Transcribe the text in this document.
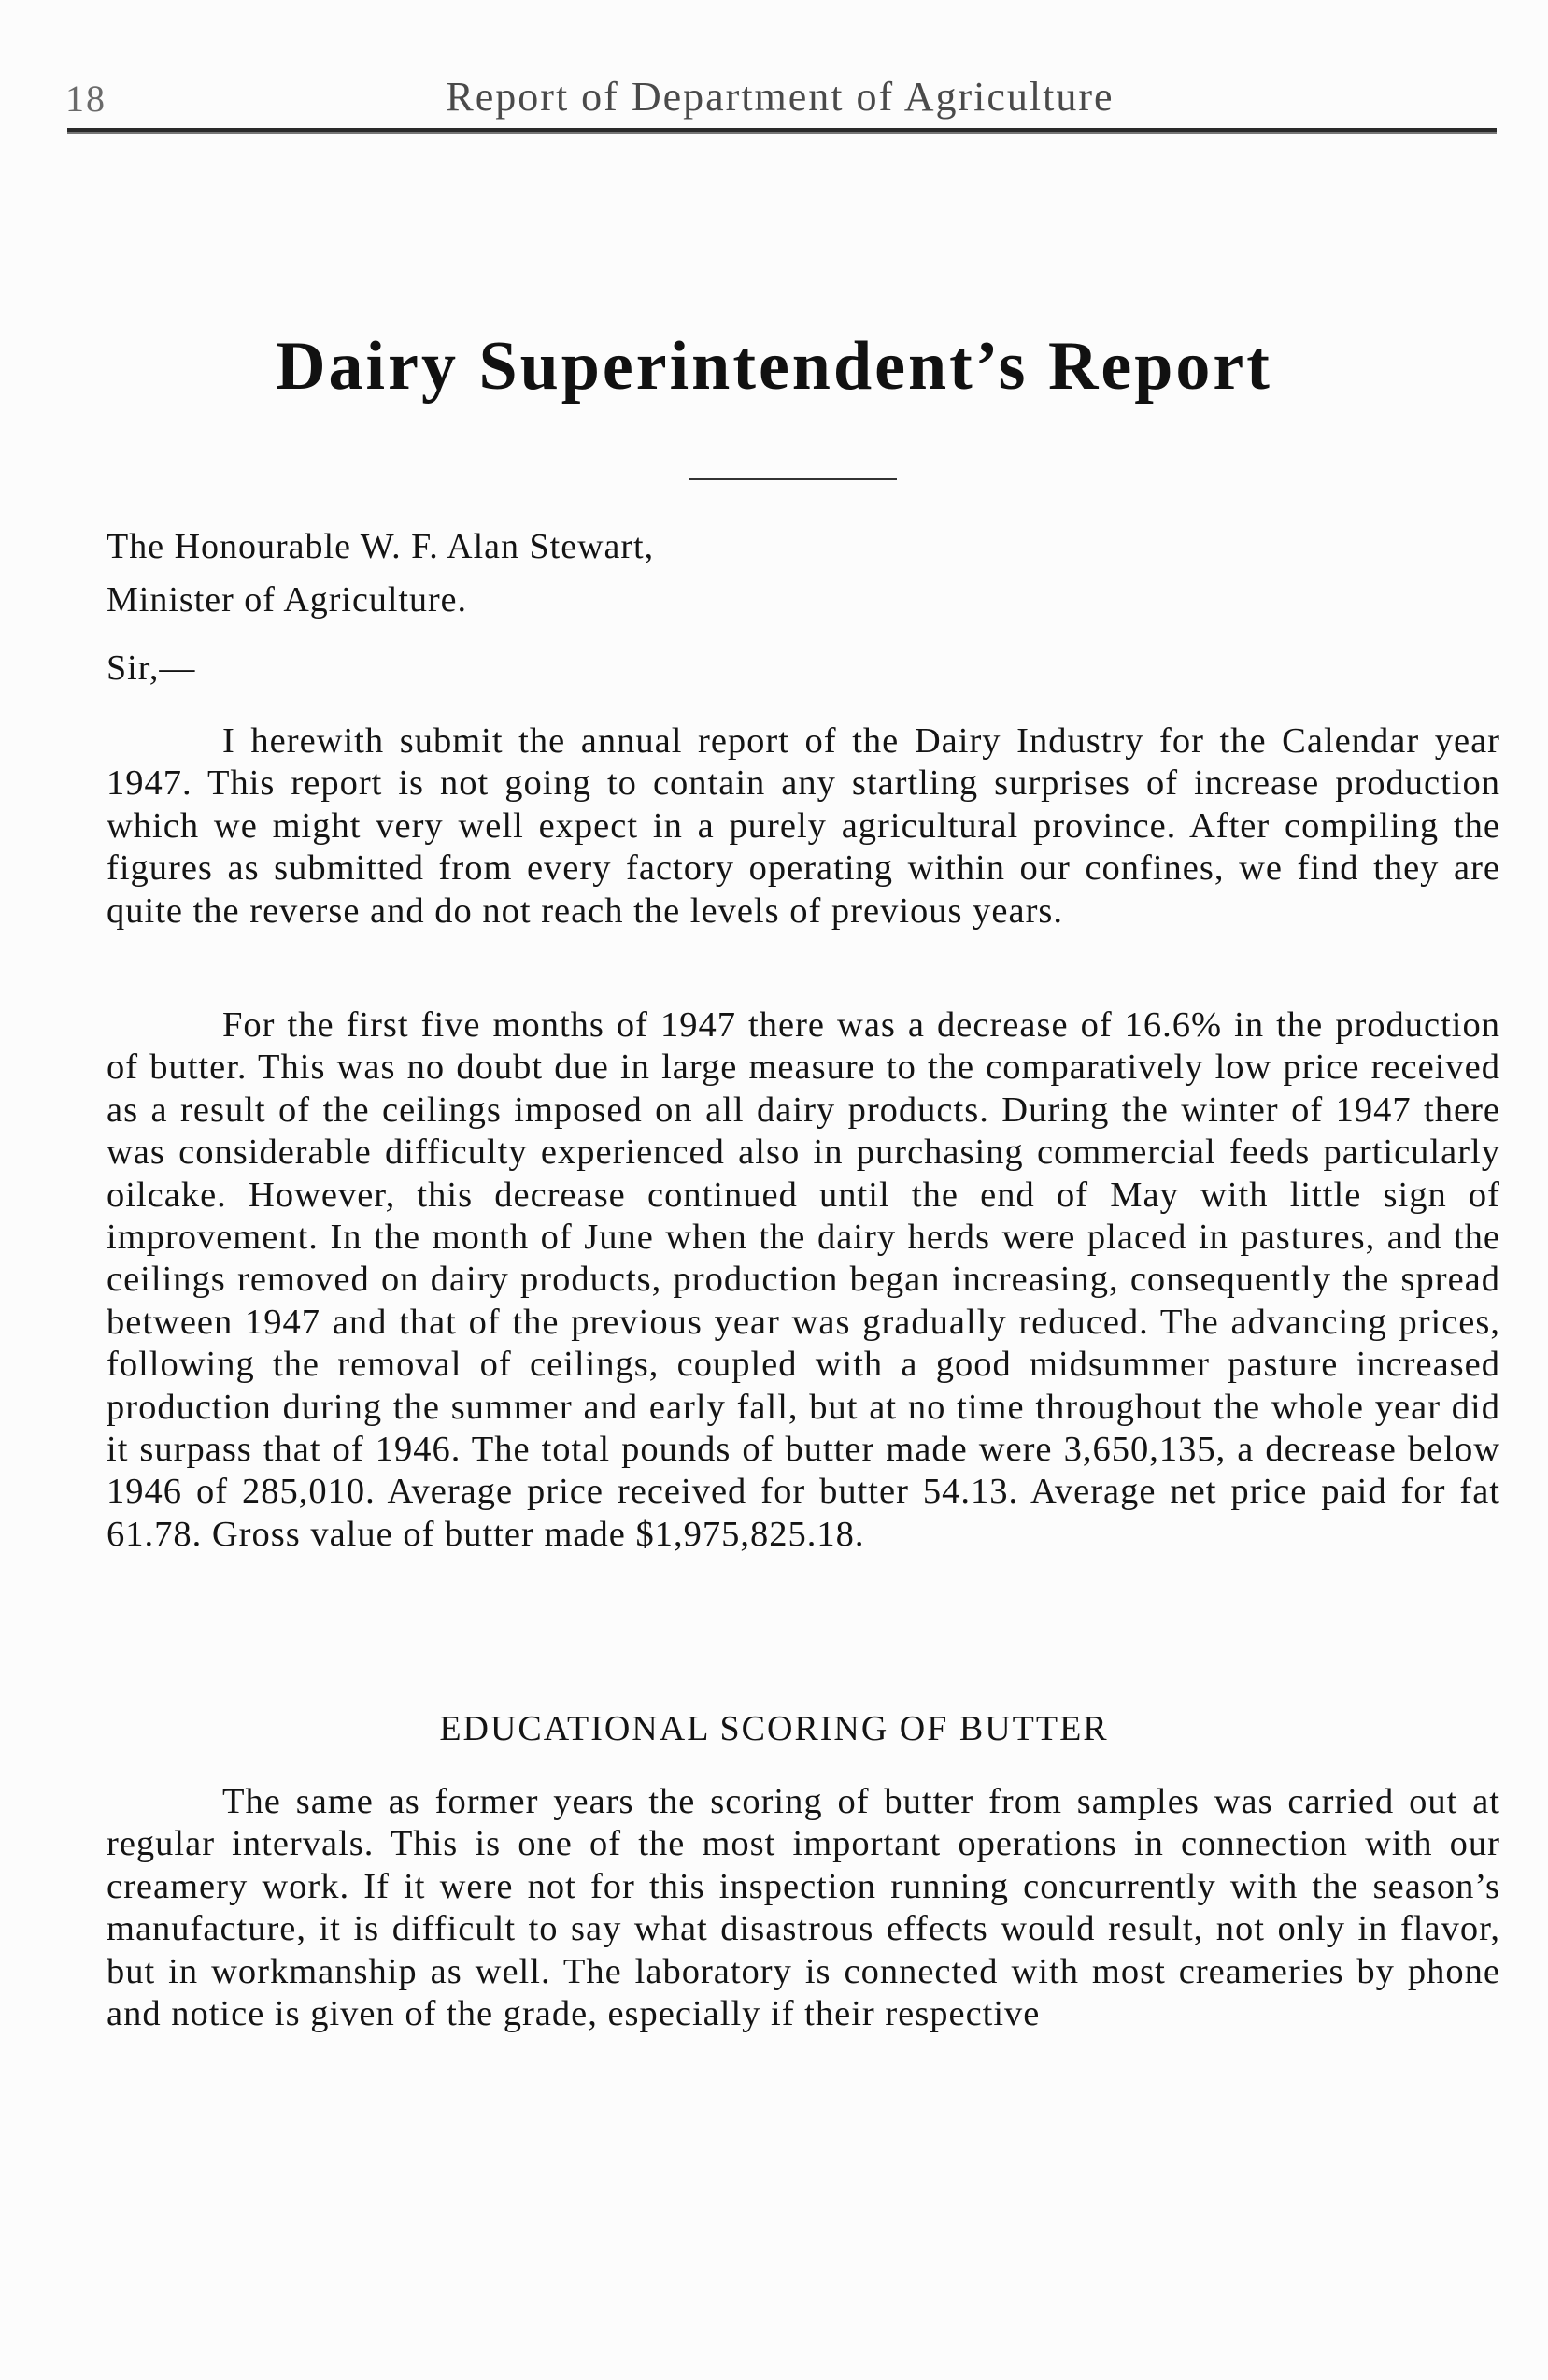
18	Report of Department of Agriculture
Dairy Superintendent’s Report
The Honourable W. F. Alan Stewart,
Minister of Agriculture.
Sir,—

I herewith submit the annual report of the Dairy Industry for the Calendar year 1947. This report is not going to contain any startling surprises of increase production which we might very well expect in a purely agricultural province. After compiling the figures as submitted from every factory operating within our confines, we find they are quite the reverse and do not reach the levels of previous years.

For the first five months of 1947 there was a decrease of 16.6% in the production of butter. This was no doubt due in large measure to the comparatively low price received as a result of the ceilings imposed on all dairy products. During the winter of 1947 there was considerable difficulty experienced also in purchasing commercial feeds particularly oilcake. However, this decrease continued until the end of May with little sign of improvement. In the month of June when the dairy herds were placed in pastures, and the ceilings removed on dairy products, production began increasing, consequently the spread between 1947 and that of the previous year was gradually reduced. The advancing prices, following the removal of ceilings, coupled with a good midsummer pasture increased production during the summer and early fall, but at no time throughout the whole year did it surpass that of 1946. The total pounds of butter made were 3,650,135, a decrease below 1946 of 285,010. Average price received for butter 54.13. Average net price paid for fat 61.78. Gross value of butter made $1,975,825.18.

EDUCATIONAL SCORING OF BUTTER

The same as former years the scoring of butter from samples was carried out at regular intervals. This is one of the most important operations in connection with our creamery work. If it were not for this inspection running concurrently with the season’s manufacture, it is difficult to say what disastrous effects would result, not only in flavor, but in workmanship as well. The laboratory is connected with most creameries by phone and notice is given of the grade, especially if their respective
